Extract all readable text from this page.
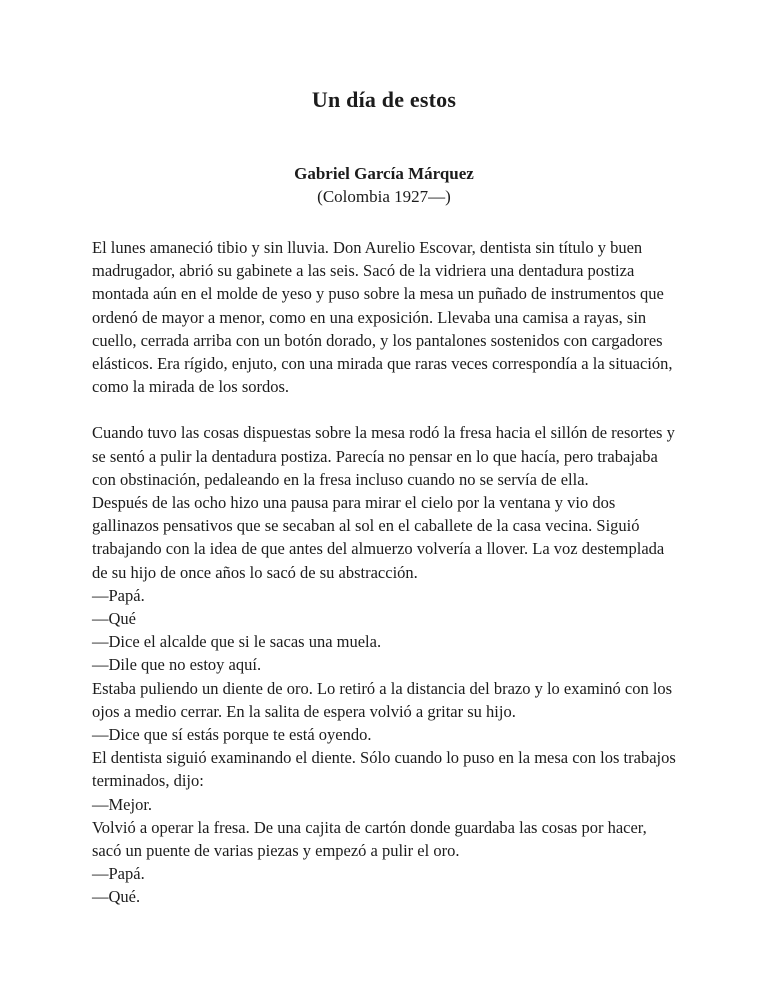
Un día de estos
Gabriel García Márquez
(Colombia 1927—)

El lunes amaneció tibio y sin lluvia. Don Aurelio Escovar, dentista sin título y buen madrugador, abrió su gabinete a las seis. Sacó de la vidriera una dentadura postiza montada aún en el molde de yeso y puso sobre la mesa un puñado de instrumentos que ordenó de mayor a menor, como en una exposición. Llevaba una camisa a rayas, sin cuello, cerrada arriba con un botón dorado, y los pantalones sostenidos con cargadores elásticos. Era rígido, enjuto, con una mirada que raras veces correspondía a la situación, como la mirada de los sordos.

Cuando tuvo las cosas dispuestas sobre la mesa rodó la fresa hacia el sillón de resortes y se sentó a pulir la dentadura postiza. Parecía no pensar en lo que hacía, pero trabajaba con obstinación, pedaleando en la fresa incluso cuando no se servía de ella.

Después de las ocho hizo una pausa para mirar el cielo por la ventana y vio dos gallinazos pensativos que se secaban al sol en el caballete de la casa vecina. Siguió trabajando con la idea de que antes del almuerzo volvería a llover. La voz destemplada de su hijo de once años lo sacó de su abstracción.

—Papá.

—Qué

—Dice el alcalde que si le sacas una muela.

—Dile que no estoy aquí.

Estaba puliendo un diente de oro. Lo retiró a la distancia del brazo y lo examinó con los ojos a medio cerrar. En la salita de espera volvió a gritar su hijo.

—Dice que sí estás porque te está oyendo.

El dentista siguió examinando el diente. Sólo cuando lo puso en la mesa con los trabajos terminados, dijo:

—Mejor.

Volvió a operar la fresa. De una cajita de cartón donde guardaba las cosas por hacer, sacó un puente de varias piezas y empezó a pulir el oro.

—Papá.

—Qué.
